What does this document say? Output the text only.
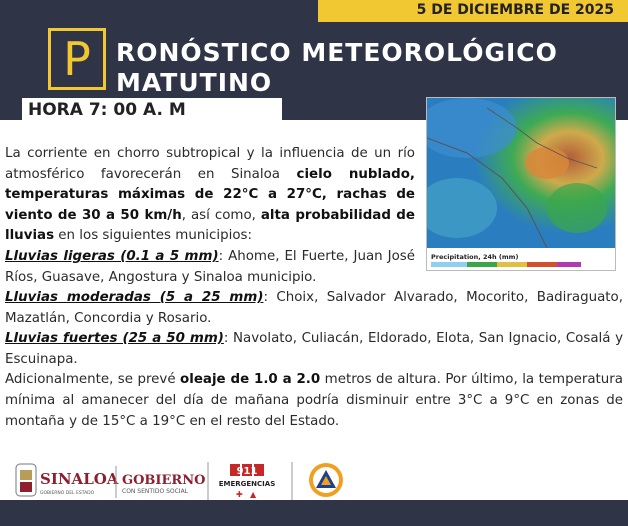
5 DE DICIEMBRE DE 2025
P	RONÓSTICO METEOROLÓGICO
MATUTINO
HORA 7: 00 A. M
Precipitation, 24h (mm)
La corriente en chorro subtropical y la influencia de un río atmosférico favorecerán en Sinaloa cielo nublado, temperaturas máximas de 22°C a 27°C, rachas de viento de 30 a 50 km/h, así como, alta probabilidad de lluvias en los siguientes municipios:
Lluvias ligeras (0.1 a 5 mm): Ahome, El Fuerte, Juan José Ríos, Guasave, Angostura y Sinaloa municipio.
Lluvias moderadas (5 a 25 mm): Choix, Salvador Alvarado, Mocorito, Badiraguato, Mazatlán, Concordia y Rosario.
Lluvias fuertes (25 a 50 mm): Navolato, Culiacán, Eldorado, Elota, San Ignacio, Cosalá y Escuinapa.
Adicionalmente, se prevé oleaje de 1.0 a 2.0 metros de altura. Por último, la temperatura mínima al amanecer del día de mañana podría disminuir entre 3°C a 9°C en zonas de montaña y de 15°C a 19°C en el resto del Estado.
SINALOA
GOBIERNO DEL ESTADO
GOBIERNO
CON SENTIDO SOCIAL
911
EMERGENCIAS
✚ ▲
